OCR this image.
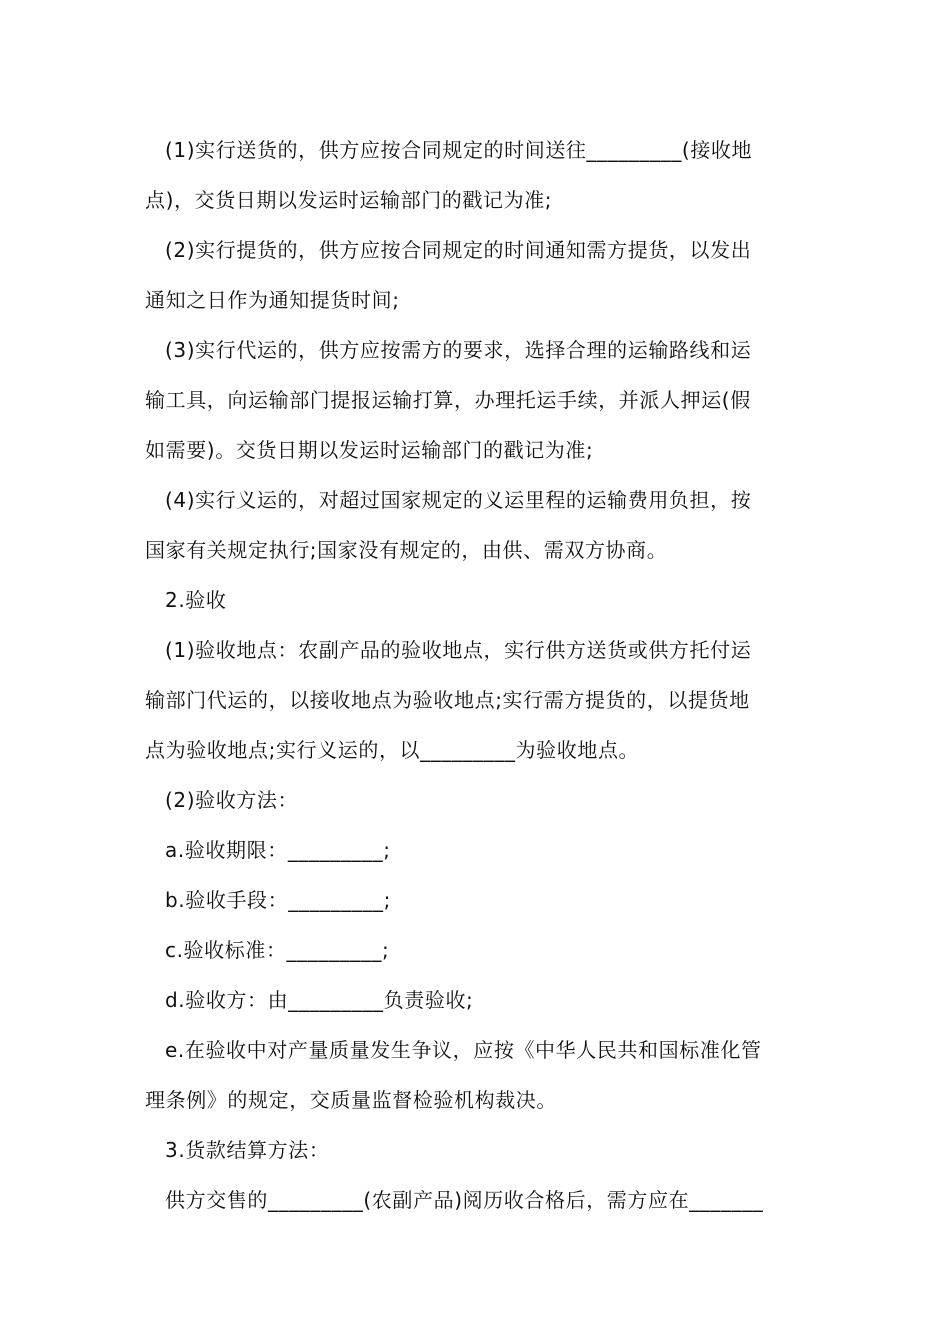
(1)实行送货的，供方应按合同规定的时间送往_________(接收地
点)，交货日期以发运时运输部门的戳记为准;
(2)实行提货的，供方应按合同规定的时间通知需方提货，以发出
通知之日作为通知提货时间;
(3)实行代运的，供方应按需方的要求，选择合理的运输路线和运
输工具，向运输部门提报运输打算，办理托运手续，并派人押运(假
如需要)。交货日期以发运时运输部门的戳记为准;
(4)实行义运的，对超过国家规定的义运里程的运输费用负担，按
国家有关规定执行;国家没有规定的，由供、需双方协商。
2.验收
(1)验收地点：农副产品的验收地点，实行供方送货或供方托付运
输部门代运的，以接收地点为验收地点;实行需方提货的，以提货地
点为验收地点;实行义运的，以_________为验收地点。
(2)验收方法：
a.验收期限：_________;
b.验收手段：_________;
c.验收标准：_________;
d.验收方：由_________负责验收;
e.在验收中对产量质量发生争议，应按《中华人民共和国标准化管
理条例》的规定，交质量监督检验机构裁决。
3.货款结算方法：
供方交售的_________(农副产品)阅历收合格后，需方应在_______
